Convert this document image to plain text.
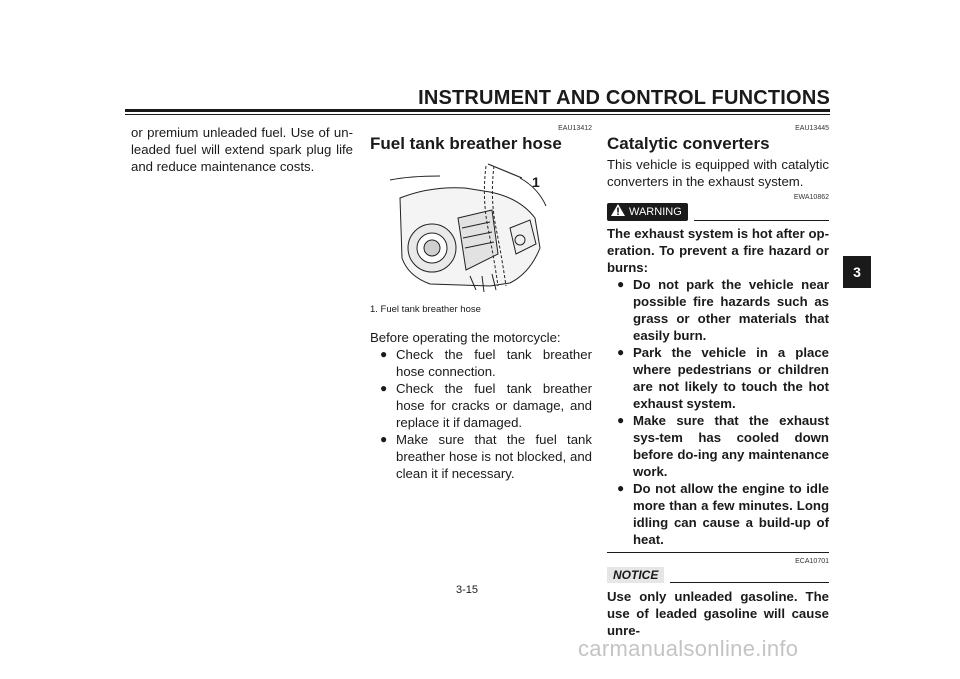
INSTRUMENT AND CONTROL FUNCTIONS
or premium unleaded fuel. Use of un-leaded fuel will extend spark plug life and reduce maintenance costs.
EAU13412
Fuel tank breather hose
1
1. Fuel tank breather hose
Before operating the motorcycle:
● Check the fuel tank breather hose connection.
● Check the fuel tank breather hose for cracks or damage, and replace it if damaged.
● Make sure that the fuel tank breather hose is not blocked, and clean it if necessary.
EAU13445
Catalytic converters
This vehicle is equipped with catalytic converters in the exhaust system.
EWA10862
WARNING
The exhaust system is hot after op-eration. To prevent a fire hazard or burns:
● Do not park the vehicle near possible fire hazards such as grass or other materials that easily burn.
● Park the vehicle in a place where pedestrians or children are not likely to touch the hot exhaust system.
● Make sure that the exhaust sys-tem has cooled down before do-ing any maintenance work.
● Do not allow the engine to idle more than a few minutes. Long idling can cause a build-up of heat.
ECA10701
NOTICE
Use only unleaded gasoline. The use of leaded gasoline will cause unre-
3
3-15
carmanualsonline.info
